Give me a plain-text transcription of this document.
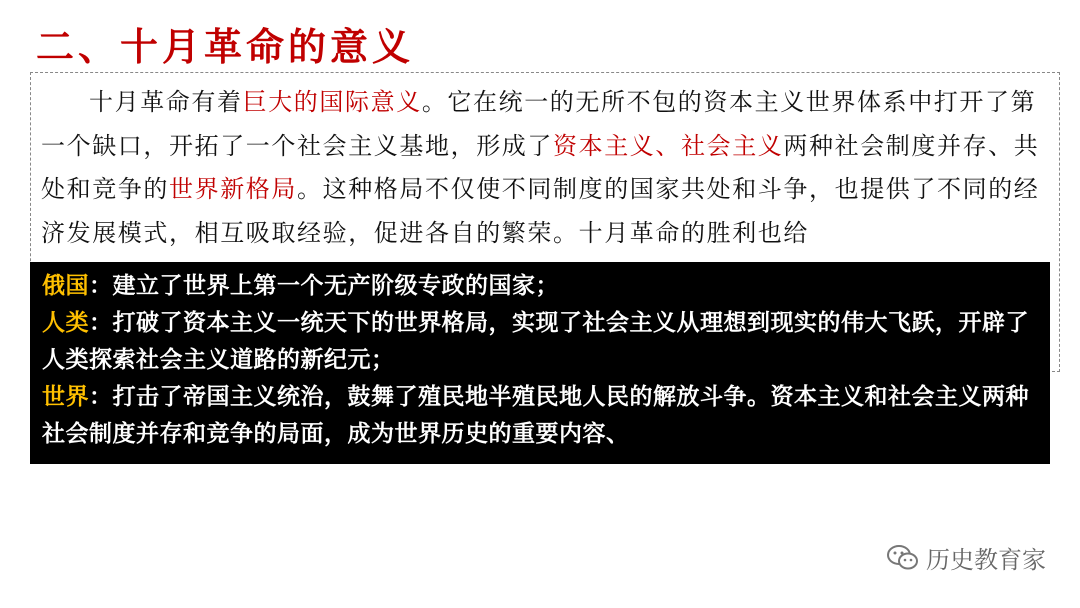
二、十月革命的意义

十月革命有着巨大的国际意义。它在统一的无所不包的资本主义世界体系中打开了第一个缺口，开拓了一个社会主义基地，形成了资本主义、社会主义两种社会制度并存、共处和竞争的世界新格局。这种格局不仅使不同制度的国家共处和斗争，也提供了不同的经济发展模式，相互吸取经验，促进各自的繁荣。十月革命的胜利也给

俄国：建立了世界上第一个无产阶级专政的国家；

人类：打破了资本主义一统天下的世界格局，实现了社会主义从理想到现实的伟大飞跃，开辟了人类探索社会主义道路的新纪元；

世界：打击了帝国主义统治，鼓舞了殖民地半殖民地人民的解放斗争。资本主义和社会主义两种社会制度并存和竞争的局面，成为世界历史的重要内容、

历史教育家
